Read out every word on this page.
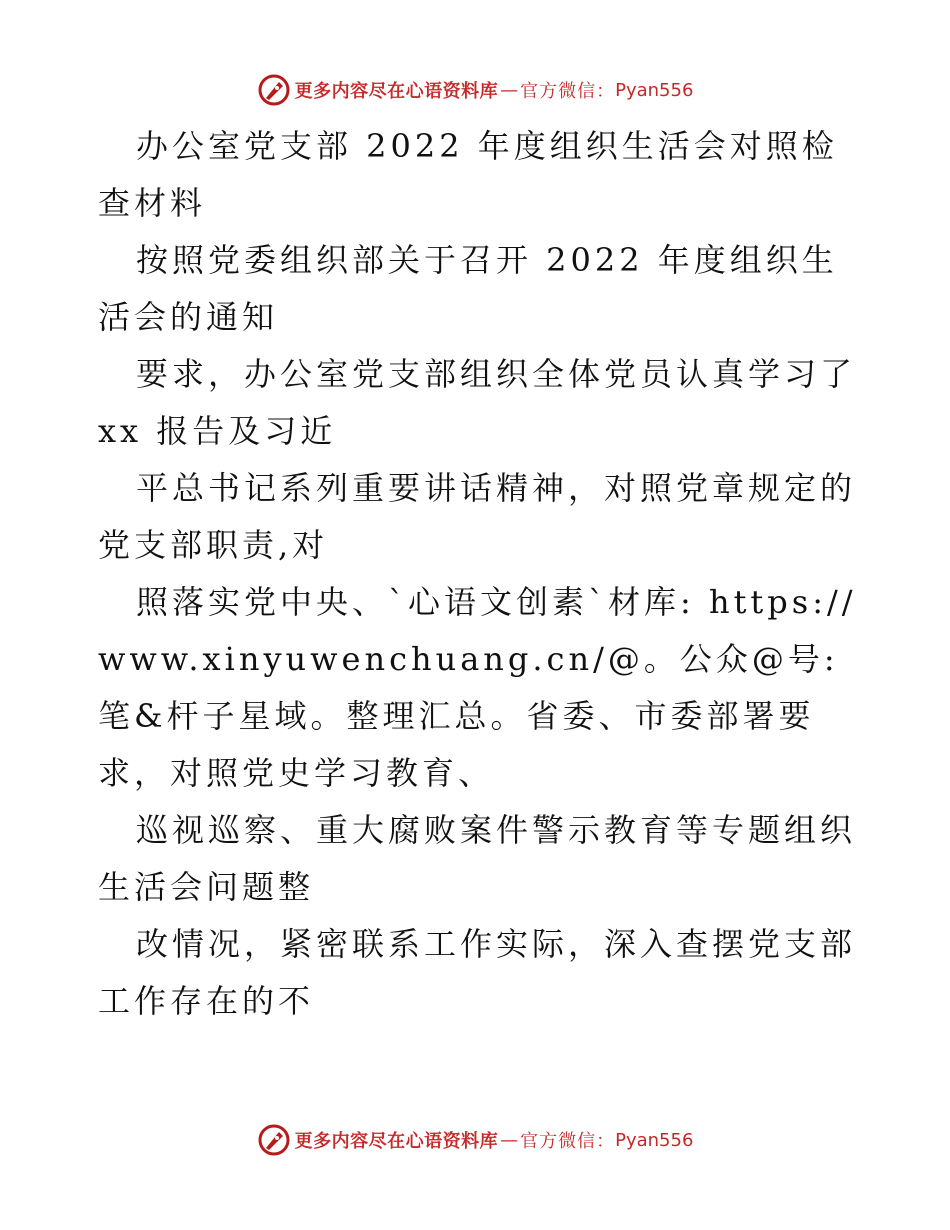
更多内容尽在心语资料库 — 官方微信： Pyan556

办公室党支部 2022 年度组织生活会对照检查材料

按照党委组织部关于召开 2022 年度组织生活会的通知

要求，办公室党支部组织全体党员认真学习了 xx 报告及习近

平总书记系列重要讲话精神，对照党章规定的党支部职责,对

照落实党中央、`心语文创素`材库: https://www.xinyuwenchuang.cn/@。公众@号: 笔&杆子星域。整理汇总。省委、市委部署要求，对照党史学习教育、

巡视巡察、重大腐败案件警示教育等专题组织生活会问题整

改情况，紧密联系工作实际，深入查摆党支部工作存在的不

更多内容尽在心语资料库 — 官方微信： Pyan556
